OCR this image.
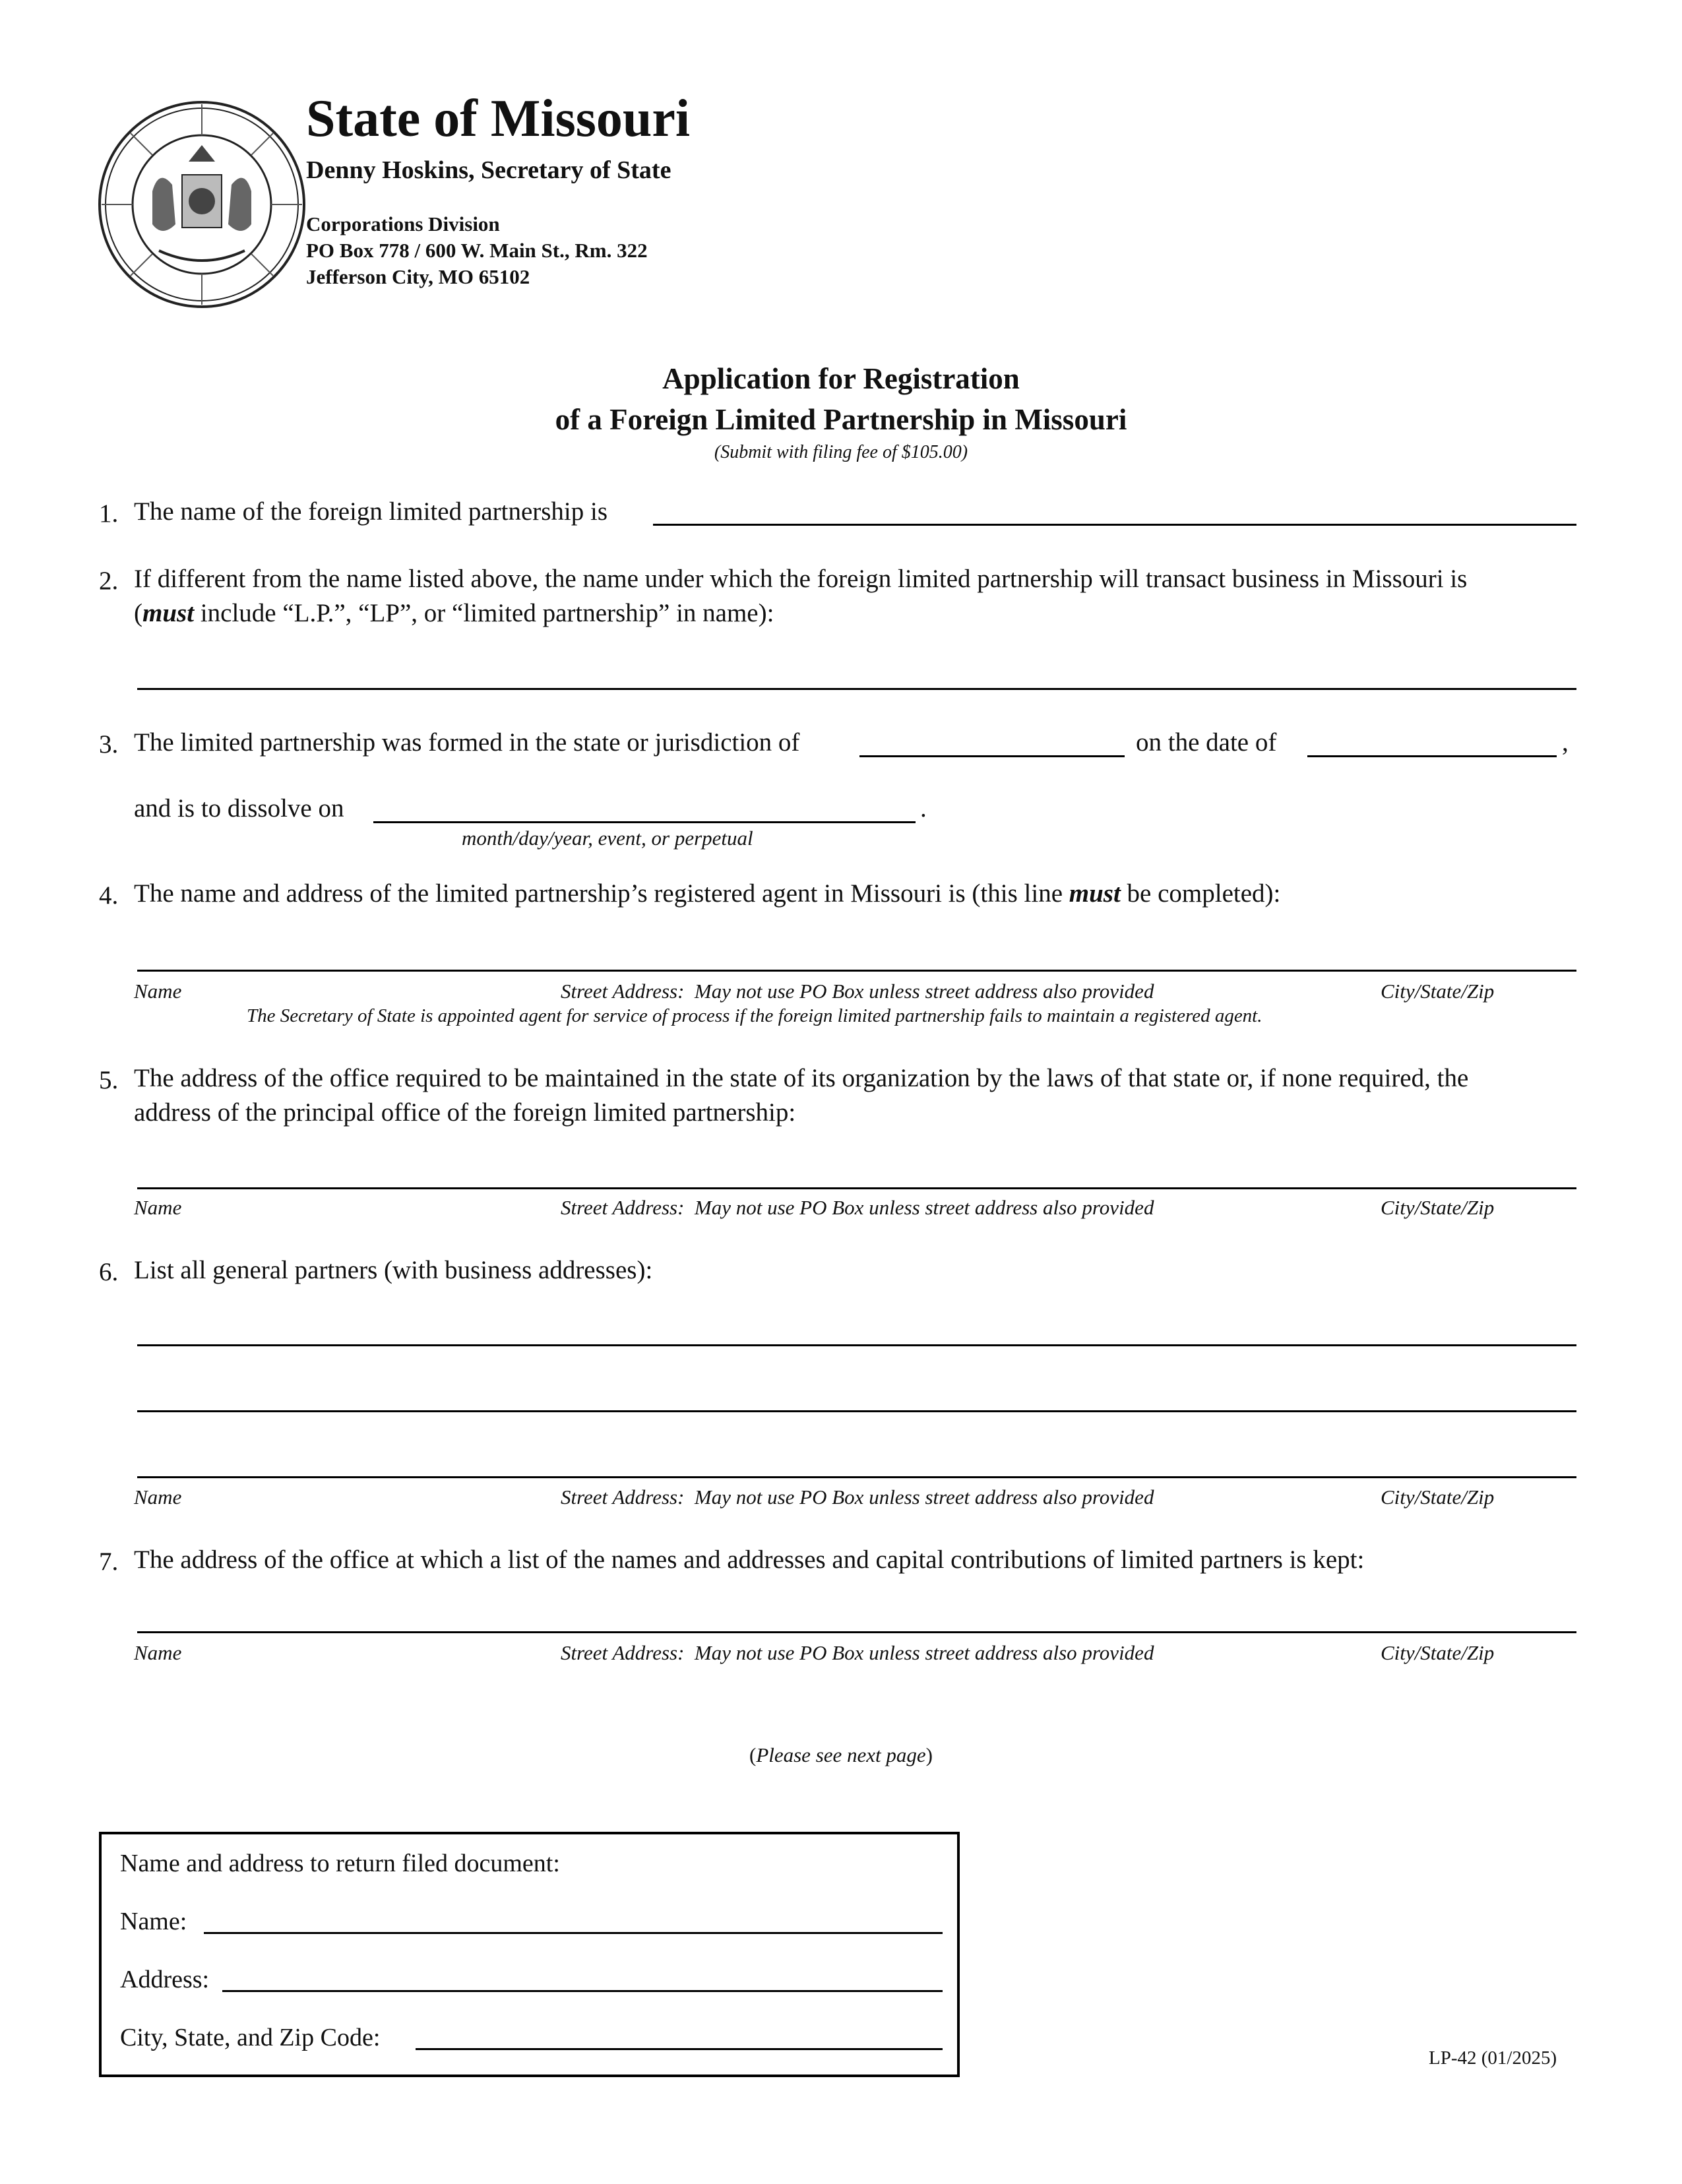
State of Missouri
Denny Hoskins, Secretary of State
Corporations Division
PO Box 778 / 600 W. Main St., Rm. 322
Jefferson City, MO 65102
Application for Registration
of a Foreign Limited Partnership in Missouri
(Submit with filing fee of $105.00)
1. The name of the foreign limited partnership is
2. If different from the name listed above, the name under which the foreign limited partnership will transact business in Missouri is
(must include “L.P.”, “LP”, or “limited partnership” in name):
3. The limited partnership was formed in the state or jurisdiction of	on the date of	,
and is to dissolve on	.
month/day/year, event, or perpetual
4. The name and address of the limited partnership’s registered agent in Missouri is (this line must be completed):
Name	Street Address:  May not use PO Box unless street address also provided	City/State/Zip
The Secretary of State is appointed agent for service of process if the foreign limited partnership fails to maintain a registered agent.
5. The address of the office required to be maintained in the state of its organization by the laws of that state or, if none required, the
address of the principal office of the foreign limited partnership:
Name	Street Address:  May not use PO Box unless street address also provided	City/State/Zip
6. List all general partners (with business addresses):
Name	Street Address:  May not use PO Box unless street address also provided	City/State/Zip
7. The address of the office at which a list of the names and addresses and capital contributions of limited partners is kept:
Name	Street Address:  May not use PO Box unless street address also provided	City/State/Zip
(Please see next page)
Name and address to return filed document:
Name:
Address:
City, State, and Zip Code:
LP-42 (01/2025)
